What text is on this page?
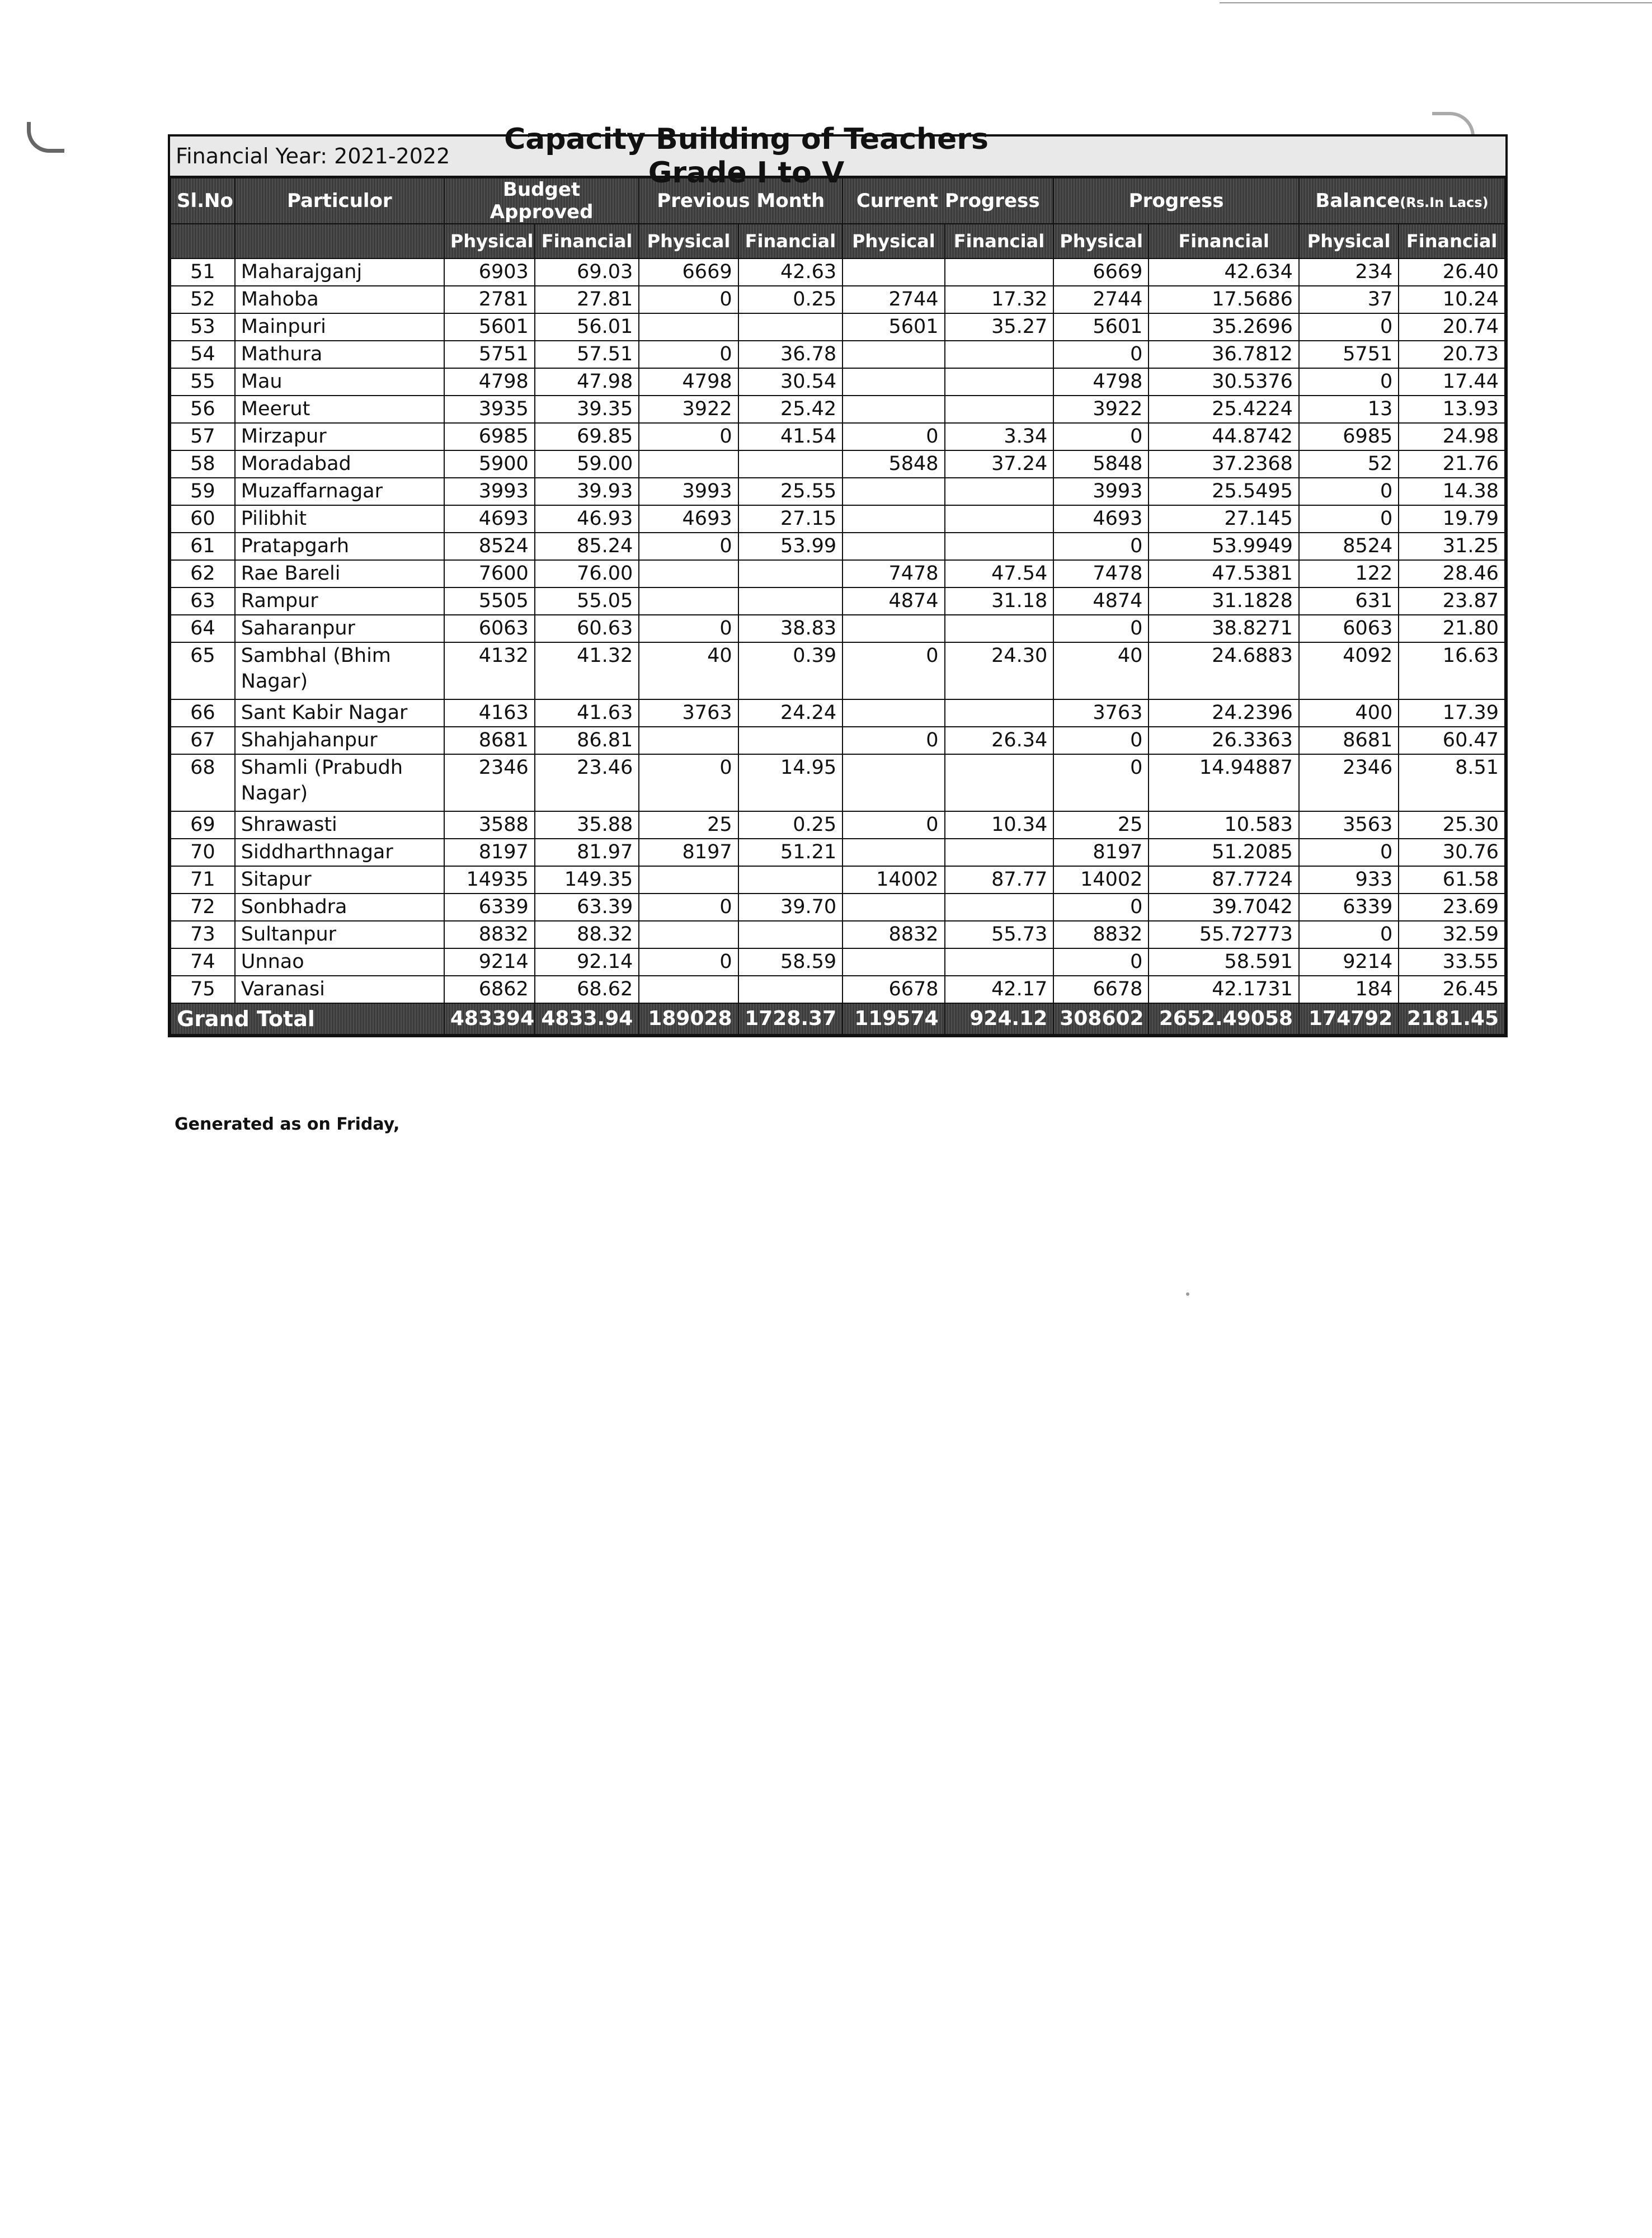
Financial Year: 2021-2022	Capacity Building of Teachers Grade I to V
Sl.No	Particulor	Budget Approved		Previous Month		Current Progress		Progress		Balance(Rs.In Lacs)	
		Physical	Financial	Physical	Financial	Physical	Financial	Physical	Financial	Physical	Financial
51	Maharajganj	6903	69.03	6669	42.63			6669	42.634	234	26.40
52	Mahoba	2781	27.81	0	0.25	2744	17.32	2744	17.5686	37	10.24
53	Mainpuri	5601	56.01			5601	35.27	5601	35.2696	0	20.74
54	Mathura	5751	57.51	0	36.78			0	36.7812	5751	20.73
55	Mau	4798	47.98	4798	30.54			4798	30.5376	0	17.44
56	Meerut	3935	39.35	3922	25.42			3922	25.4224	13	13.93
57	Mirzapur	6985	69.85	0	41.54	0	3.34	0	44.8742	6985	24.98
58	Moradabad	5900	59.00			5848	37.24	5848	37.2368	52	21.76
59	Muzaffarnagar	3993	39.93	3993	25.55			3993	25.5495	0	14.38
60	Pilibhit	4693	46.93	4693	27.15			4693	27.145	0	19.79
61	Pratapgarh	8524	85.24	0	53.99			0	53.9949	8524	31.25
62	Rae Bareli	7600	76.00			7478	47.54	7478	47.5381	122	28.46
63	Rampur	5505	55.05			4874	31.18	4874	31.1828	631	23.87
64	Saharanpur	6063	60.63	0	38.83			0	38.8271	6063	21.80
65	Sambhal (Bhim Nagar)	4132	41.32	40	0.39	0	24.30	40	24.6883	4092	16.63
66	Sant Kabir Nagar	4163	41.63	3763	24.24			3763	24.2396	400	17.39
67	Shahjahanpur	8681	86.81			0	26.34	0	26.3363	8681	60.47
68	Shamli (Prabudh Nagar)	2346	23.46	0	14.95			0	14.94887	2346	8.51
69	Shrawasti	3588	35.88	25	0.25	0	10.34	25	10.583	3563	25.30
70	Siddharthnagar	8197	81.97	8197	51.21			8197	51.2085	0	30.76
71	Sitapur	14935	149.35			14002	87.77	14002	87.7724	933	61.58
72	Sonbhadra	6339	63.39	0	39.70			0	39.7042	6339	23.69
73	Sultanpur	8832	88.32			8832	55.73	8832	55.72773	0	32.59
74	Unnao	9214	92.14	0	58.59			0	58.591	9214	33.55
75	Varanasi	6862	68.62			6678	42.17	6678	42.1731	184	26.45
Grand Total		483394	4833.94	189028	1728.37	119574	924.12	308602	2652.49058	174792	2181.45
Generated as on Friday,
